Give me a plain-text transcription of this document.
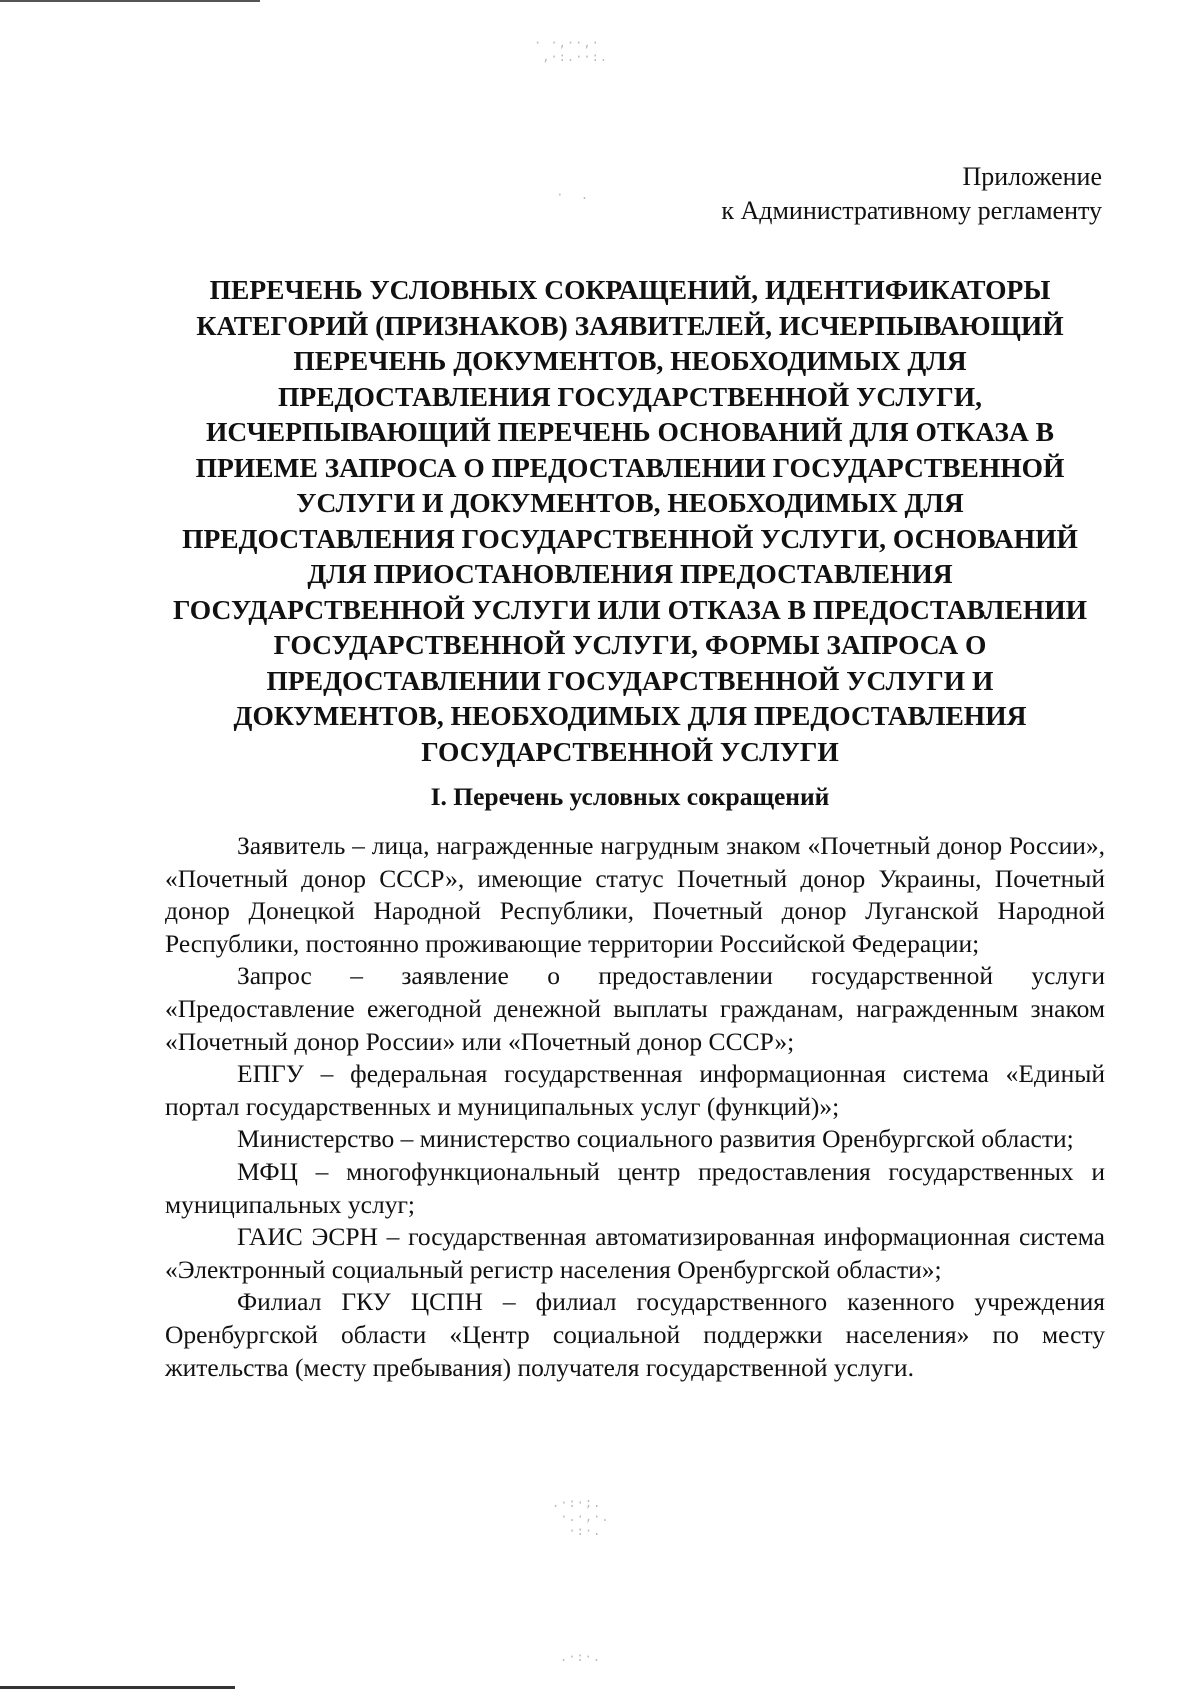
· ·,··,·
,·:.··:.
·  .
.·:·;.
·.·,·.
·:·.
.·:·.
Приложение
к Административному регламенту
ПЕРЕЧЕНЬ УСЛОВНЫХ СОКРАЩЕНИЙ, ИДЕНТИФИКАТОРЫ КАТЕГОРИЙ (ПРИЗНАКОВ) ЗАЯВИТЕЛЕЙ, ИСЧЕРПЫВАЮЩИЙ ПЕРЕЧЕНЬ ДОКУМЕНТОВ, НЕОБХОДИМЫХ ДЛЯ ПРЕДОСТАВЛЕНИЯ ГОСУДАРСТВЕННОЙ УСЛУГИ, ИСЧЕРПЫВАЮЩИЙ ПЕРЕЧЕНЬ ОСНОВАНИЙ ДЛЯ ОТКАЗА В ПРИЕМЕ ЗАПРОСА О ПРЕДОСТАВЛЕНИИ ГОСУДАРСТВЕННОЙ УСЛУГИ И ДОКУМЕНТОВ, НЕОБХОДИМЫХ ДЛЯ ПРЕДОСТАВЛЕНИЯ ГОСУДАРСТВЕННОЙ УСЛУГИ, ОСНОВАНИЙ ДЛЯ ПРИОСТАНОВЛЕНИЯ ПРЕДОСТАВЛЕНИЯ ГОСУДАРСТВЕННОЙ УСЛУГИ ИЛИ ОТКАЗА В ПРЕДОСТАВЛЕНИИ ГОСУДАРСТВЕННОЙ УСЛУГИ, ФОРМЫ ЗАПРОСА О ПРЕДОСТАВЛЕНИИ ГОСУДАРСТВЕННОЙ УСЛУГИ И ДОКУМЕНТОВ, НЕОБХОДИМЫХ ДЛЯ ПРЕДОСТАВЛЕНИЯ ГОСУДАРСТВЕННОЙ УСЛУГИ
I. Перечень условных сокращений

Заявитель – лица, награжденные нагрудным знаком «Почетный донор России», «Почетный донор СССР», имеющие статус Почетный донор Украины, Почетный донор Донецкой Народной Республики, Почетный донор Луганской Народной Республики, постоянно проживающие территории Российской Федерации;

Запрос – заявление о предоставлении государственной услуги «Предоставление ежегодной денежной выплаты гражданам, награжденным знаком «Почетный донор России» или «Почетный донор СССР»;

ЕПГУ – федеральная государственная информационная система «Единый портал государственных и муниципальных услуг (функций)»;

Министерство – министерство социального развития Оренбургской области;

МФЦ – многофункциональный центр предоставления государственных и муниципальных услуг;

ГАИС ЭСРН – государственная автоматизированная информационная система «Электронный социальный регистр населения Оренбургской области»;

Филиал ГКУ ЦСПН – филиал государственного казенного учреждения Оренбургской области «Центр социальной поддержки населения» по месту жительства (месту пребывания) получателя государственной услуги.
